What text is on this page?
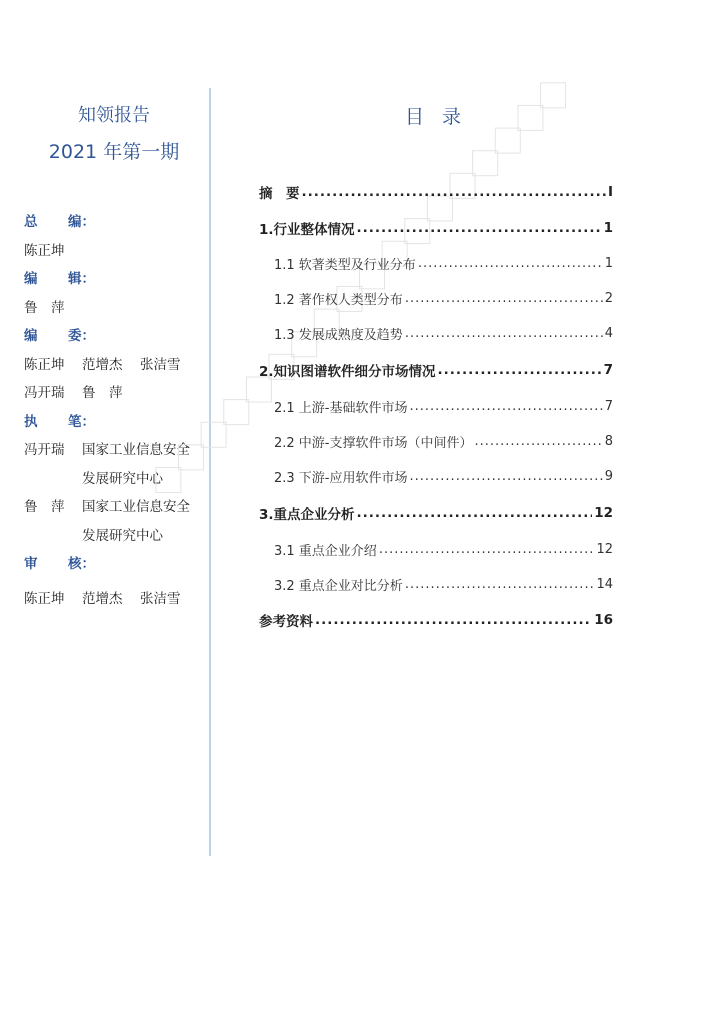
知领报告
2021 年第一期
总 编：
陈正坤
编 辑：
鲁　萍
编 委：
陈正坤 范增杰 张洁雪
冯开瑞 鲁　萍
执 笔：
冯开瑞 国家工业信息安全
发展研究中心
鲁　萍 国家工业信息安全
发展研究中心
审 核：
陈正坤 范增杰 张洁雪
目 录
摘　要 .....	I
1.行业整体情况 .....	1
1.1 软著类型及行业分布 .....	1
1.2 著作权人类型分布 .....	2
1.3 发展成熟度及趋势 .....	4
2.知识图谱软件细分市场情况 .....	7
2.1 上游-基础软件市场 .....	7
2.2 中游-支撑软件市场（中间件） .....	8
2.3 下游-应用软件市场 .....	9
3.重点企业分析 .....	12
3.1 重点企业介绍 .....	12
3.2 重点企业对比分析 .....	14
参考资料 .....	16
